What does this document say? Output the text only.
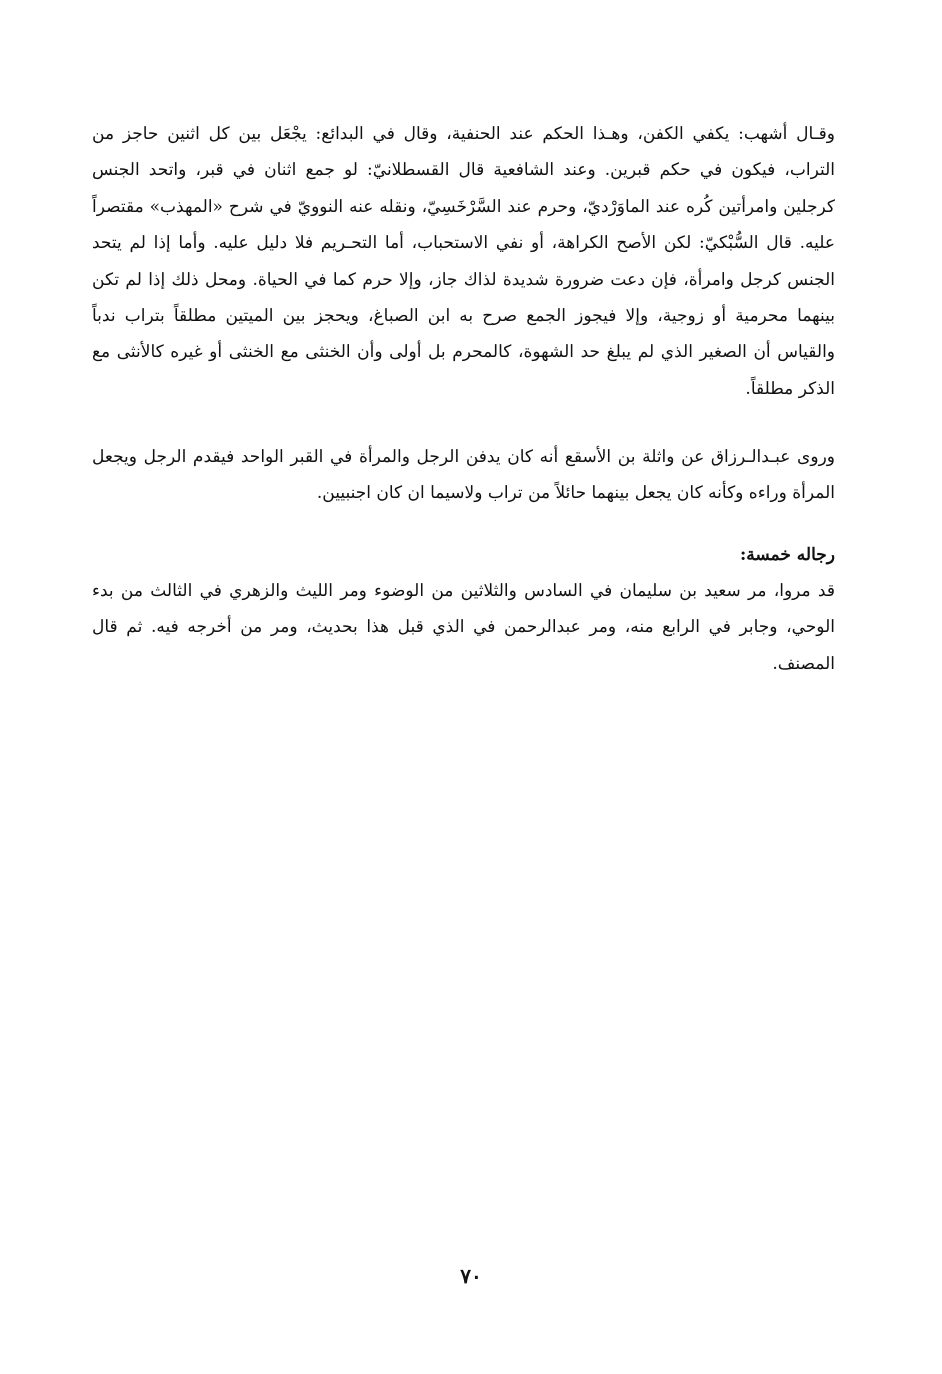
وقـال أشهب: يكفي الكفن، وهـذا الحكم عند الحنفية، وقال في البدائع: يجْعَل بين كل اثنين حاجز من التراب، فيكون في حكم قبرين. وعند الشافعية قال القسطلانيّ: لو جمع اثنان في قبر، واتحد الجنس كرجلين وامرأتين كُره عند الماوَرْديّ، وحرم عند السَّرْخَسِيّ، ونقله عنه النوويّ في شرح «المهذب» مقتصراً عليه. قال السُّبْكيّ: لكن الأصح الكراهة، أو نفي الاستحباب، أما التحـريم فلا دليل عليه. وأما إذا لم يتحد الجنس كرجل وامرأة، فإن دعت ضرورة شديدة لذاك جاز، وإلا حرم كما في الحياة. ومحل ذلك إذا لم تكن بينهما محرمية أو زوجية، وإلا فيجوز الجمع صرح به ابن الصباغ، ويحجز بين الميتين مطلقاً بتراب ندباً والقياس أن الصغير الذي لم يبلغ حد الشهوة، كالمحرم بل أولى وأن الخنثى مع الخنثى أو غيره كالأنثى مع الذكر مطلقاً.

وروى عبـدالـرزاق عن واثلة بن الأسقع أنه كان يدفن الرجل والمرأة في القبر الواحد فيقدم الرجل ويجعل المرأة وراءه وكأنه كان يجعل بينهما حائلاً من تراب ولاسيما ان كان اجنبيين.

رجاله خمسة:

قد مروا، مر سعيد بن سليمان في السادس والثلاثين من الوضوء ومر الليث والزهري في الثالث من بدء الوحي، وجابر في الرابع منه، ومر عبدالرحمن في الذي قبل هذا بحديث، ومر من أخرجه فيه. ثم قال المصنف.

٧٠
